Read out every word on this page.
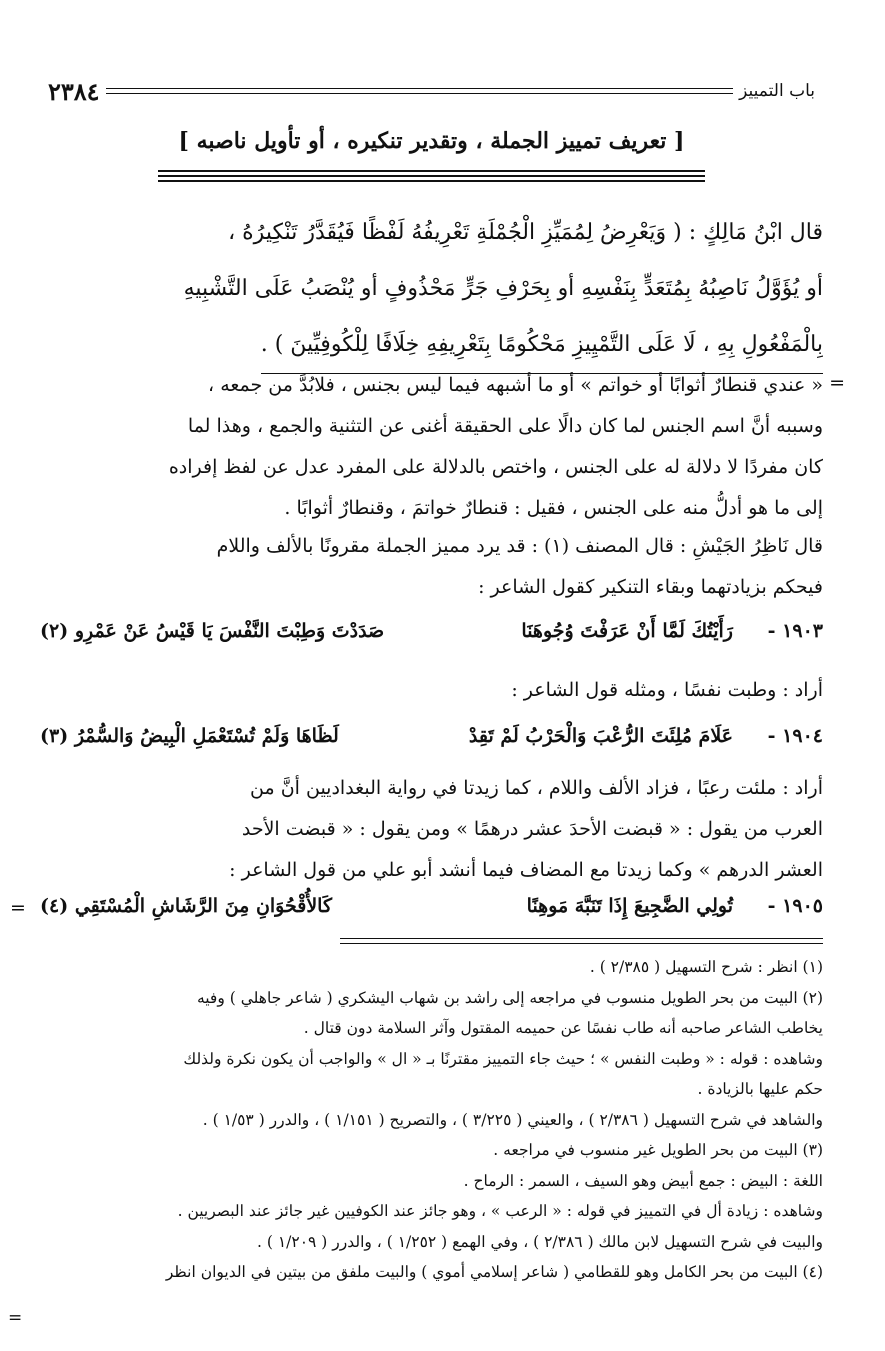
باب التمييز
٢٣٨٤
[ تعريف تمييز الجملة ، وتقدير تنكيره ، أو تأويل ناصبه ]
قال ابْنُ مَالِكٍ : ( وَيَعْرِضُ لِمُمَيِّزِ الْجُمْلَةِ تَعْرِيفُهُ لَفْظًا فَيُقَدَّرُ تَنْكِيرُهُ ،
أو يُؤَوَّلُ نَاصِبُهُ بِمُتَعَدٍّ بِنَفْسِهِ أو بِحَرْفِ جَرٍّ مَحْذُوفٍ أو يُنْصَبُ عَلَى التَّشْبِيهِ
بِالْمَفْعُولِ بِهِ ، لَا عَلَى التَّمْيِيزِ مَحْكُومًا بِتَعْرِيفِهِ خِلَافًا لِلْكُوفِيِّينَ ) .
=
« عندي قنطارٌ أثوابًا أو خواتم » أو ما أشبهه فيما ليس بجنس ، فلابُدَّ من جمعه ،
وسببه أنَّ اسم الجنس لما كان دالًا على الحقيقة أغنى عن التثنية والجمع ، وهذا لما
كان مفردًا لا دلالة له على الجنس ، واختص بالدلالة على المفرد عدل عن لفظ إفراده
إلى ما هو أدلُّ منه على الجنس ، فقيل : قنطارٌ خواتمَ ، وقنطارٌ أثوابًا .
قال نَاظِرُ الجَيْشِ : قال المصنف (١) : قد يرد مميز الجملة مقرونًا بالألف واللام
فيحكم بزيادتهما وبقاء التنكير كقول الشاعر :
١٩٠٣ -
رَأَيْتُكَ لَمَّا أَنْ عَرَفْتَ وُجُوهَنَا
صَدَدْتَ وَطِبْتَ النَّفْسَ يَا قَيْسُ عَنْ عَمْرِو (٢)
أراد : وطبت نفسًا ، ومثله قول الشاعر :
١٩٠٤ -
عَلَامَ مُلِئَتَ الرُّعْبَ وَالْحَرْبُ لَمْ تَقِدْ
لَظَاهَا وَلَمْ تُسْتَعْمَلِ الْبِيضُ وَالسُّمْرُ (٣)
أراد : ملئت رعبًا ، فزاد الألف واللام ، كما زيدتا في رواية البغداديين أنَّ من
العرب من يقول : « قبضت الأحدَ عشر درهمًا » ومن يقول : « قبضت الأحد
العشر الدرهم » وكما زيدتا مع المضاف فيما أنشد أبو علي من قول الشاعر :
١٩٠٥ -
تُولِي الضَّجِيعَ إِذَا تَنَبَّهَ مَوهِنًا
كَالأُقْحُوَانِ مِنَ الرَّشَاشِ الْمُسْتَقِي (٤)
=
(١) انظر : شرح التسهيل ( ٢/٣٨٥ ) .
(٢) البيت من بحر الطويل منسوب في مراجعه إلى راشد بن شهاب اليشكري ( شاعر جاهلي ) وفيه
يخاطب الشاعر صاحبه أنه طاب نفسًا عن حميمه المقتول وآثر السلامة دون قتال .
وشاهده : قوله : « وطبت النفس » ؛ حيث جاء التمييز مقترنًا بـ « ال » والواجب أن يكون نكرة ولذلك
حكم عليها بالزيادة .
والشاهد في شرح التسهيل ( ٢/٣٨٦ ) ، والعيني ( ٣/٢٢٥ ) ، والتصريح ( ١/١٥١ ) ، والدرر ( ١/٥٣ ) .
(٣) البيت من بحر الطويل غير منسوب في مراجعه .
اللغة : البيض : جمع أبيض وهو السيف ، السمر : الرماح .
وشاهده : زيادة أل في التمييز في قوله : « الرعب » ، وهو جائز عند الكوفيين غير جائز عند البصريين .
والبيت في شرح التسهيل لابن مالك ( ٢/٣٨٦ ) ، وفي الهمع ( ١/٢٥٢ ) ، والدرر ( ١/٢٠٩ ) .
(٤) البيت من بحر الكامل وهو للقطامي ( شاعر إسلامي أموي ) والبيت ملفق من بيتين في الديوان انظر
=
